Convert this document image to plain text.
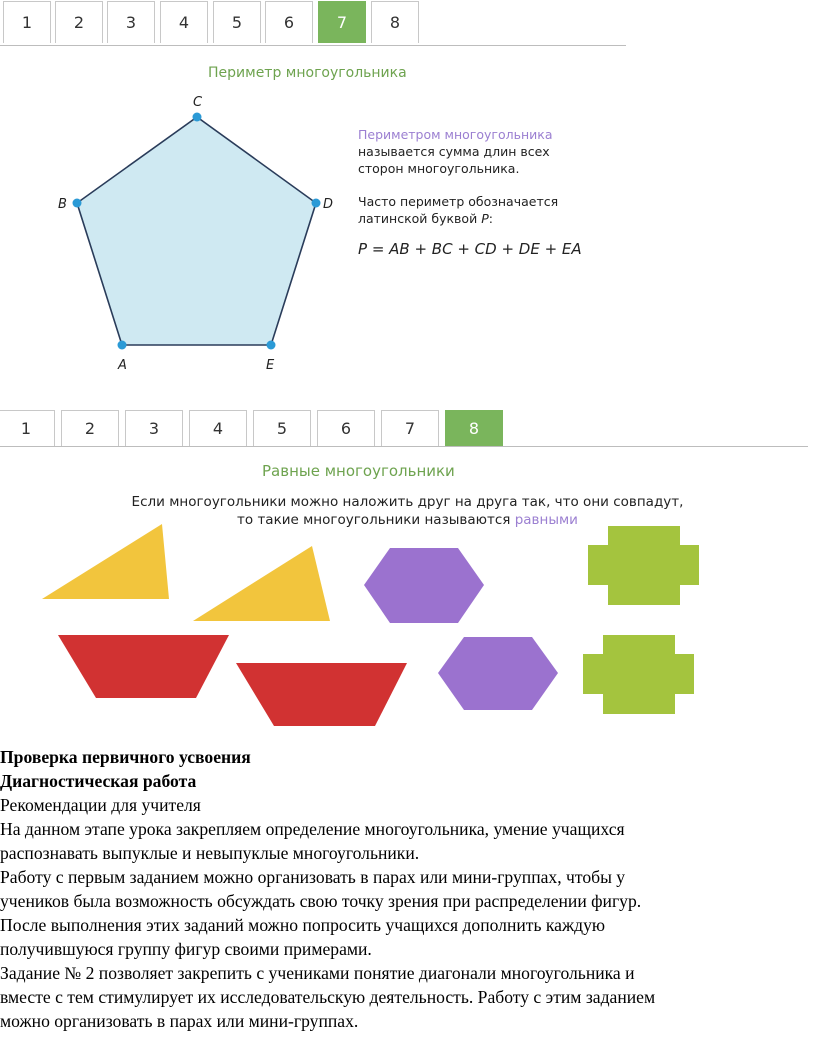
1	2	3	4	5	6	7	8
Периметр многоугольника
A
B
C
D
E
Периметром многоугольника
называется сумма длин всех
сторон многоугольника.
Часто периметр обозначается
латинской буквой P:
P = AB + BC + CD + DE + EA
1	2	3	4	5	6	7	8
Равные многоугольники
Если многоугольники можно наложить друг на друга так, что они совпадут,
то такие многоугольники называются равными

Проверка первичного усвоения

Диагностическая работа

Рекомендации для учителя

На данном этапе урока закрепляем определение многоугольника, умение учащихся

распознавать выпуклые и невыпуклые многоугольники.

Работу с первым заданием можно организовать в парах или мини-группах, чтобы у

учеников была возможность обсуждать свою точку зрения при распределении фигур.

После выполнения этих заданий можно попросить учащихся дополнить каждую

получившуюся группу фигур своими примерами.

Задание № 2 позволяет закрепить с учениками понятие диагонали многоугольника и

вместе с тем стимулирует их исследовательскую деятельность. Работу с этим заданием

можно организовать в парах или мини-группах.
